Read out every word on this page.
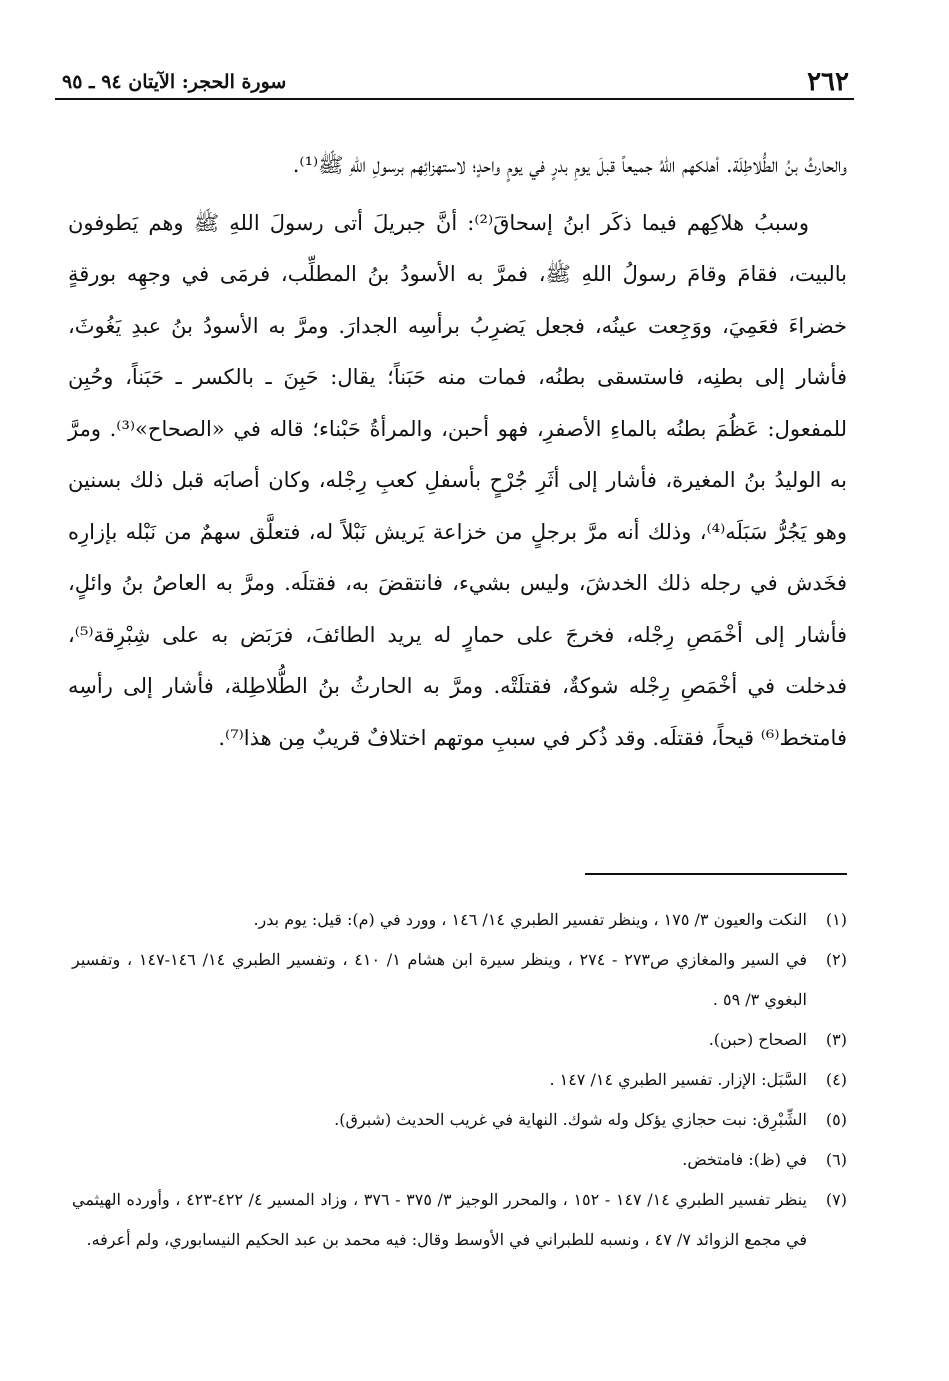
٢٦٢
سورة الحجر: الآيتان ٩٤ ـ ٩٥

والحارثُ بنُ الطُّلاطِلَة. أهلكهم اللهُ جميعاً قبلَ يومِ بدرٍ في يومٍ واحدٍ؛ لاستهزائِهم برسولِ اللهِ ﷺ⁽¹⁾.

وسببُ هلاكِهم فيما ذكَر ابنُ إسحاقَ⁽²⁾: أنَّ جبريلَ أتى رسولَ اللهِ ﷺ وهم يَطوفون بالبيت، فقامَ وقامَ رسولُ اللهِ ﷺ، فمرَّ به الأسودُ بنُ المطلِّب، فرمَى في وجهِه بورقةٍ خضراءَ فعَمِيَ، ووَجِعت عينُه، فجعل يَضرِبُ برأسِه الجدارَ. ومرَّ به الأسودُ بنُ عبدِ يَغُوثَ، فأشار إلى بطنِه، فاستسقى بطنُه، فمات منه حَبَناً؛ يقال: حَبِنَ ـ بالكسر ـ حَبَناً، وحُبِن للمفعول: عَظُمَ بطنُه بالماءِ الأصفرِ، فهو أحبن، والمرأةُ حَبْناء؛ قاله في «الصحاح»⁽³⁾. ومرَّ به الوليدُ بنُ المغيرة، فأشار إلى أثَرِ جُرْحٍ بأسفلِ كعبِ رِجْله، وكان أصابَه قبل ذلك بسنين وهو يَجُرُّ سَبَلَه⁽⁴⁾، وذلك أنه مرَّ برجلٍ من خزاعة يَريش نَبْلاً له، فتعلَّق سهمٌ من نَبْله بإزارِه فخَدش في رجله ذلك الخدشَ، وليس بشيء، فانتقضَ به، فقتلَه. ومرَّ به العاصُ بنُ وائلٍ، فأشار إلى أخْمَصِ رِجْله، فخرجَ على حمارٍ له يريد الطائفَ، فرَبَض به على شِبْرِقة⁽⁵⁾، فدخلت في أخْمَصِ رِجْله شوكةٌ، فقتلَتْه. ومرَّ به الحارثُ بنُ الطُّلاطِلة، فأشار إلى رأسِه فامتخط⁽⁶⁾ قيحاً، فقتلَه. وقد ذُكر في سببِ موتهم اختلافٌ قريبٌ مِن هذا⁽⁷⁾.

(١)
النكت والعيون ٣/ ١٧٥ ، وينظر تفسير الطبري ١٤/ ١٤٦ ، وورد في (م): قيل: يوم بدر.
(٢)
في السير والمغازي ص٢٧٣ - ٢٧٤ ، وينظر سيرة ابن هشام ١/ ٤١٠ ، وتفسير الطبري ١٤/ ١٤٦-١٤٧ ، وتفسير البغوي ٣/ ٥٩ .
(٣)
الصحاح (حبن).
(٤)
السَّبَل: الإزار. تفسير الطبري ١٤/ ١٤٧ .
(٥)
الشِّبْرِق: نبت حجازي يؤكل وله شوك. النهاية في غريب الحديث (شبرق).
(٦)
في (ظ): فامتخض.
(٧)
ينظر تفسير الطبري ١٤/ ١٤٧ - ١٥٢ ، والمحرر الوجيز ٣/ ٣٧٥ - ٣٧٦ ، وزاد المسير ٤/ ٤٢٢-٤٢٣ ، وأورده الهيثمي في مجمع الزوائد ٧/ ٤٧ ، ونسبه للطبراني في الأوسط وقال: فيه محمد بن عبد الحكيم النيسابوري، ولم أعرفه.
